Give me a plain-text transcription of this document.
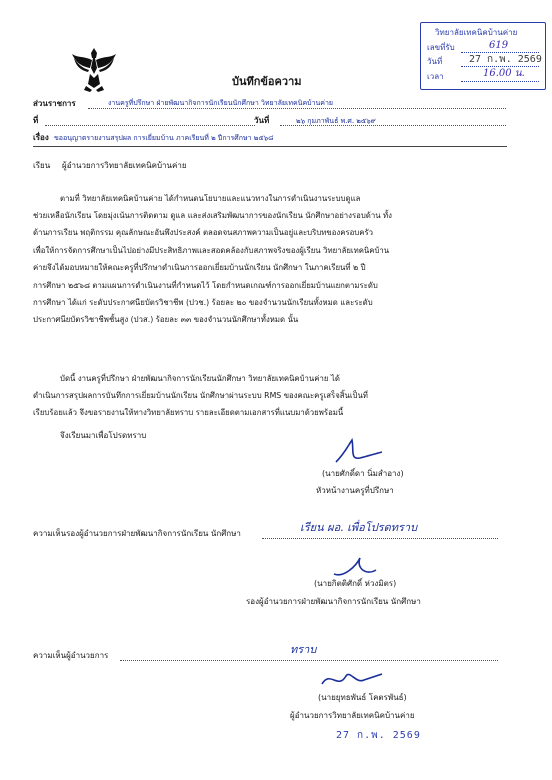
วิทยาลัยเทคนิคบ้านค่าย
เลขที่รับ	619
วันที่	27 ก.พ. 2569
เวลา	16.00 น.
บันทึกข้อความ
ส่วนราชการ	งานครูที่ปรึกษา ฝ่ายพัฒนากิจการนักเรียนนักศึกษา วิทยาลัยเทคนิคบ้านค่าย
ที่	วันที่	๒๖ กุมภาพันธ์ พ.ศ. ๒๕๖๙
เรื่อง ขออนุญาตรายงานสรุปผล การเยี่ยมบ้าน ภาคเรียนที่ ๒ ปีการศึกษา ๒๕๖๘
เรียน ผู้อำนวยการวิทยาลัยเทคนิคบ้านค่าย
ตามที่ วิทยาลัยเทคนิคบ้านค่าย ได้กำหนดนโยบายและแนวทางในการดำเนินงานระบบดูแล
ช่วยเหลือนักเรียน โดยมุ่งเน้นการติดตาม ดูแล และส่งเสริมพัฒนาการของนักเรียน นักศึกษาอย่างรอบด้าน ทั้ง
ด้านการเรียน พฤติกรรม คุณลักษณะอันพึงประสงค์ ตลอดจนสภาพความเป็นอยู่และบริบทของครอบครัว
เพื่อให้การจัดการศึกษาเป็นไปอย่างมีประสิทธิภาพและสอดคล้องกับสภาพจริงของผู้เรียน วิทยาลัยเทคนิคบ้าน
ค่ายจึงได้มอบหมายให้คณะครูที่ปรึกษาดำเนินการออกเยี่ยมบ้านนักเรียน นักศึกษา ในภาคเรียนที่ ๒ ปี
การศึกษา ๒๕๖๘ ตามแผนการดำเนินงานที่กำหนดไว้ โดยกำหนดเกณฑ์การออกเยี่ยมบ้านแยกตามระดับ
การศึกษา ได้แก่ ระดับประกาศนียบัตรวิชาชีพ (ปวช.) ร้อยละ ๒๐ ของจำนวนนักเรียนทั้งหมด และระดับ
ประกาศนียบัตรวิชาชีพชั้นสูง (ปวส.) ร้อยละ ๓๓ ของจำนวนนักศึกษาทั้งหมด นั้น
บัดนี้ งานครูที่ปรึกษา ฝ่ายพัฒนากิจการนักเรียนนักศึกษา วิทยาลัยเทคนิคบ้านค่าย ได้
ดำเนินการสรุปผลการบันทึกการเยี่ยมบ้านนักเรียน นักศึกษาผ่านระบบ RMS ของคณะครูเสร็จสิ้นเป็นที่
เรียบร้อยแล้ว จึงขอรายงานให้ทางวิทยาลัยทราบ รายละเอียดตามเอกสารที่แนบมาด้วยพร้อมนี้
จึงเรียนมาเพื่อโปรดทราบ
(นายศักดิ์ดา นิ่มสำอาง)
หัวหน้างานครูที่ปรึกษา
ความเห็นรองผู้อำนวยการฝ่ายพัฒนากิจการนักเรียน นักศึกษา	เรียน ผอ. เพื่อโปรดทราบ
(นายกิตติศักดิ์ ห่วงมิตร)
รองผู้อำนวยการฝ่ายพัฒนากิจการนักเรียน นักศึกษา
ความเห็นผู้อำนวยการ	ทราบ
(นายยุทธพันธ์ โคตรพันธ์)
ผู้อำนวยการวิทยาลัยเทคนิคบ้านค่าย
27 ก.พ. 2569
